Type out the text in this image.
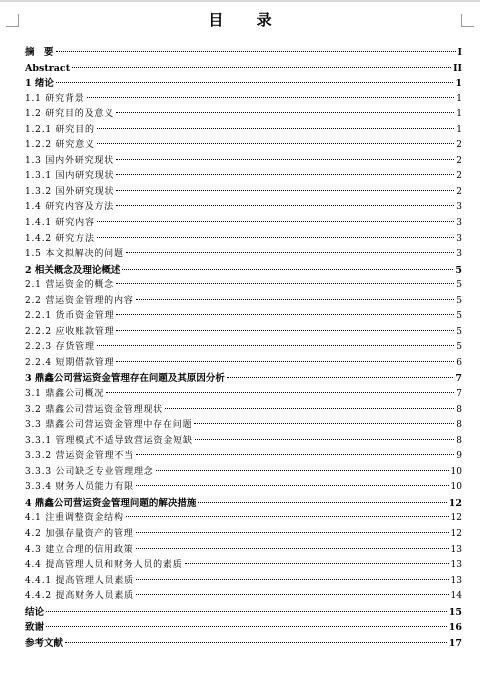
目 录
摘　要	I
Abstract	II
1 绪论	1
1.1 研究背景	1
1.2 研究目的及意义	1
1.2.1 研究目的	1
1.2.2 研究意义	2
1.3 国内外研究现状	2
1.3.1 国内研究现状	2
1.3.2 国外研究现状	2
1.4 研究内容及方法	3
1.4.1 研究内容	3
1.4.2 研究方法	3
1.5 本文拟解决的问题	3
2 相关概念及理论概述	5
2.1 营运资金的概念	5
2.2 营运资金管理的内容	5
2.2.1 货币资金管理	5
2.2.2 应收账款管理	5
2.2.3 存货管理	5
2.2.4 短期借款管理	6
3 鼎鑫公司营运资金管理存在问题及其原因分析	7
3.1 鼎鑫公司概况	7
3.2 鼎鑫公司营运资金管理现状	8
3.3 鼎鑫公司营运资金管理中存在问题	8
3.3.1 管理模式不适导致营运资金短缺	8
3.3.2 营运资金管理不当	9
3.3.3 公司缺乏专业管理理念	10
3.3.4 财务人员能力有限	10
4 鼎鑫公司营运资金管理问题的解决措施	12
4.1 注重调整资金结构	12
4.2 加强存量资产的管理	12
4.3 建立合理的信用政策	13
4.4 提高管理人员和财务人员的素质	13
4.4.1 提高管理人员素质	13
4.4.2 提高财务人员素质	14
结论	15
致谢	16
参考文献	17
